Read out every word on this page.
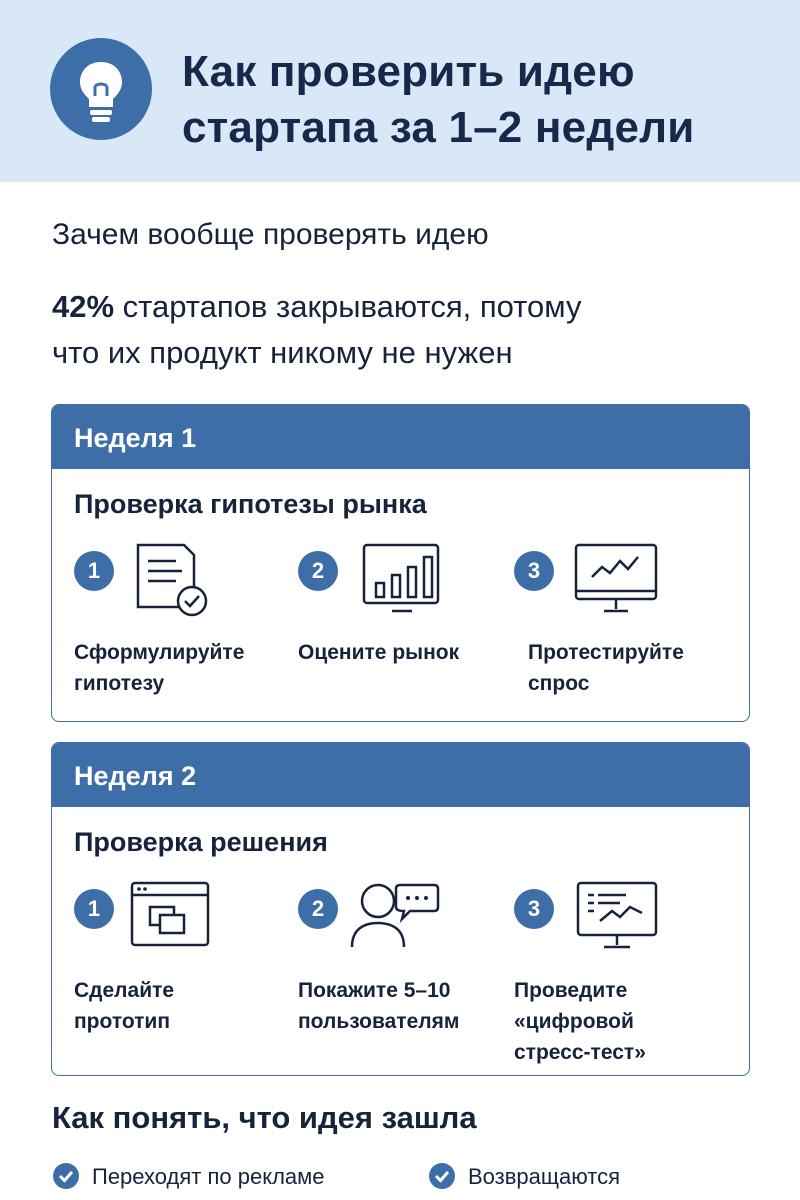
Как проверить идею
стартапа за 1–2 недели
Зачем вообще проверять идею
42% стартапов закрываются, потому
что их продукт никому не нужен
Неделя 1
Проверка гипотезы рынка
1
Сформулируйте
гипотезу
2
Оцените рынок
3
Протестируйте
спрос
Неделя 2
Проверка решения
1
Сделайте
прототип
2
Покажите 5–10
пользователям
3
Проведите
«цифровой
стресс-тест»
Как понять, что идея зашла
Переходят по рекламе	Возвращаются
